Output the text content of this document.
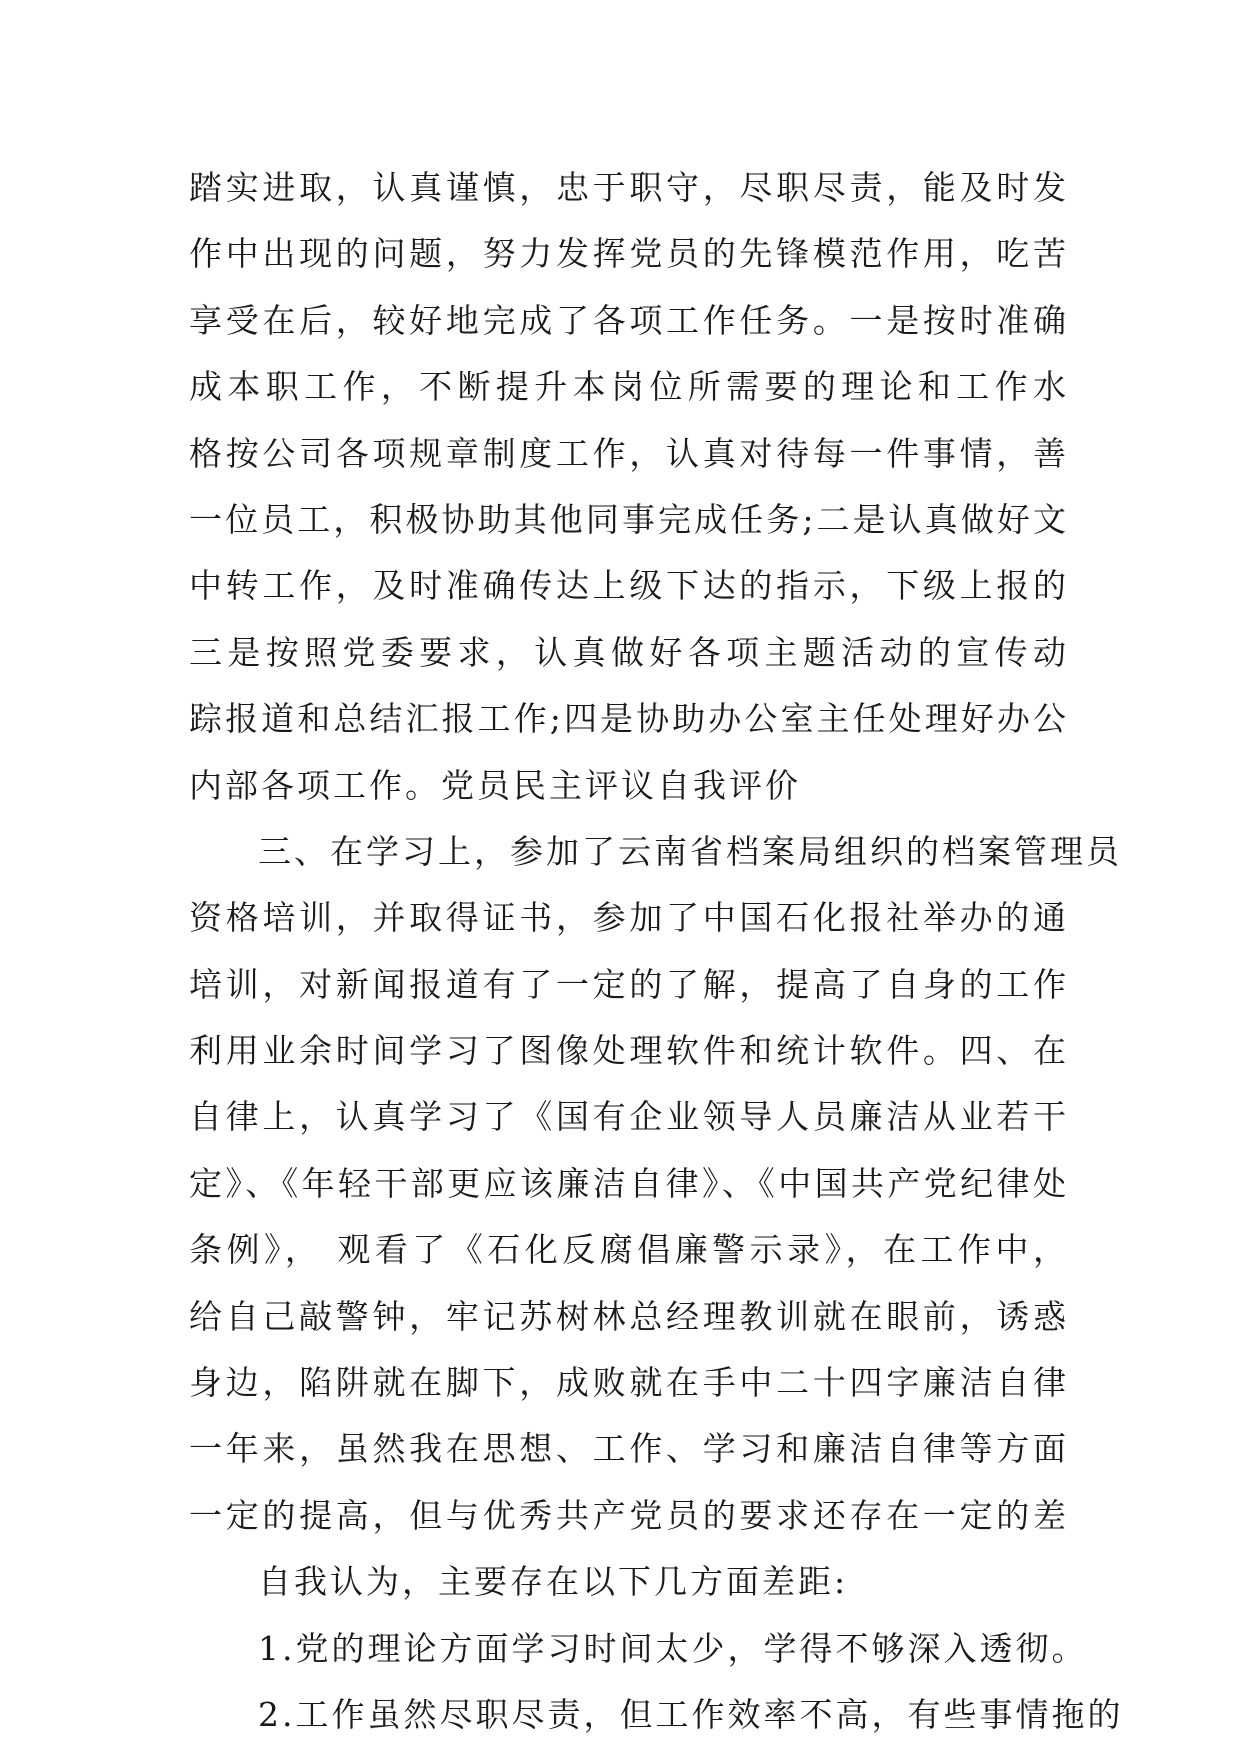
踏实进取，认真谨慎，忠于职守，尽职尽责，能及时发
作中出现的问题，努力发挥党员的先锋模范作用，吃苦
享受在后，较好地完成了各项工作任务。一是按时准确
成本职工作，不断提升本岗位所需要的理论和工作水
格按公司各项规章制度工作，认真对待每一件事情，善
一位员工，积极协助其他同事完成任务;二是认真做好文
中转工作，及时准确传达上级下达的指示，下级上报的
三是按照党委要求，认真做好各项主题活动的宣传动
踪报道和总结汇报工作;四是协助办公室主任处理好办公
内部各项工作。党员民主评议自我评价
三、在学习上，参加了云南省档案局组织的档案管理员
资格培训，并取得证书，参加了中国石化报社举办的通
培训，对新闻报道有了一定的了解，提高了自身的工作
利用业余时间学习了图像处理软件和统计软件。四、在
自律上，认真学习了《国有企业领导人员廉洁从业若干
定》、《年轻干部更应该廉洁自律》、《中国共产党纪律处
条例》， 观看了《石化反腐倡廉警示录》，在工作中，
给自己敲警钟，牢记苏树林总经理教训就在眼前，诱惑
身边，陷阱就在脚下，成败就在手中二十四字廉洁自律
一年来，虽然我在思想、工作、学习和廉洁自律等方面
一定的提高，但与优秀共产党员的要求还存在一定的差
自我认为，主要存在以下几方面差距:
1.党的理论方面学习时间太少，学得不够深入透彻。
2.工作虽然尽职尽责，但工作效率不高，有些事情拖的
